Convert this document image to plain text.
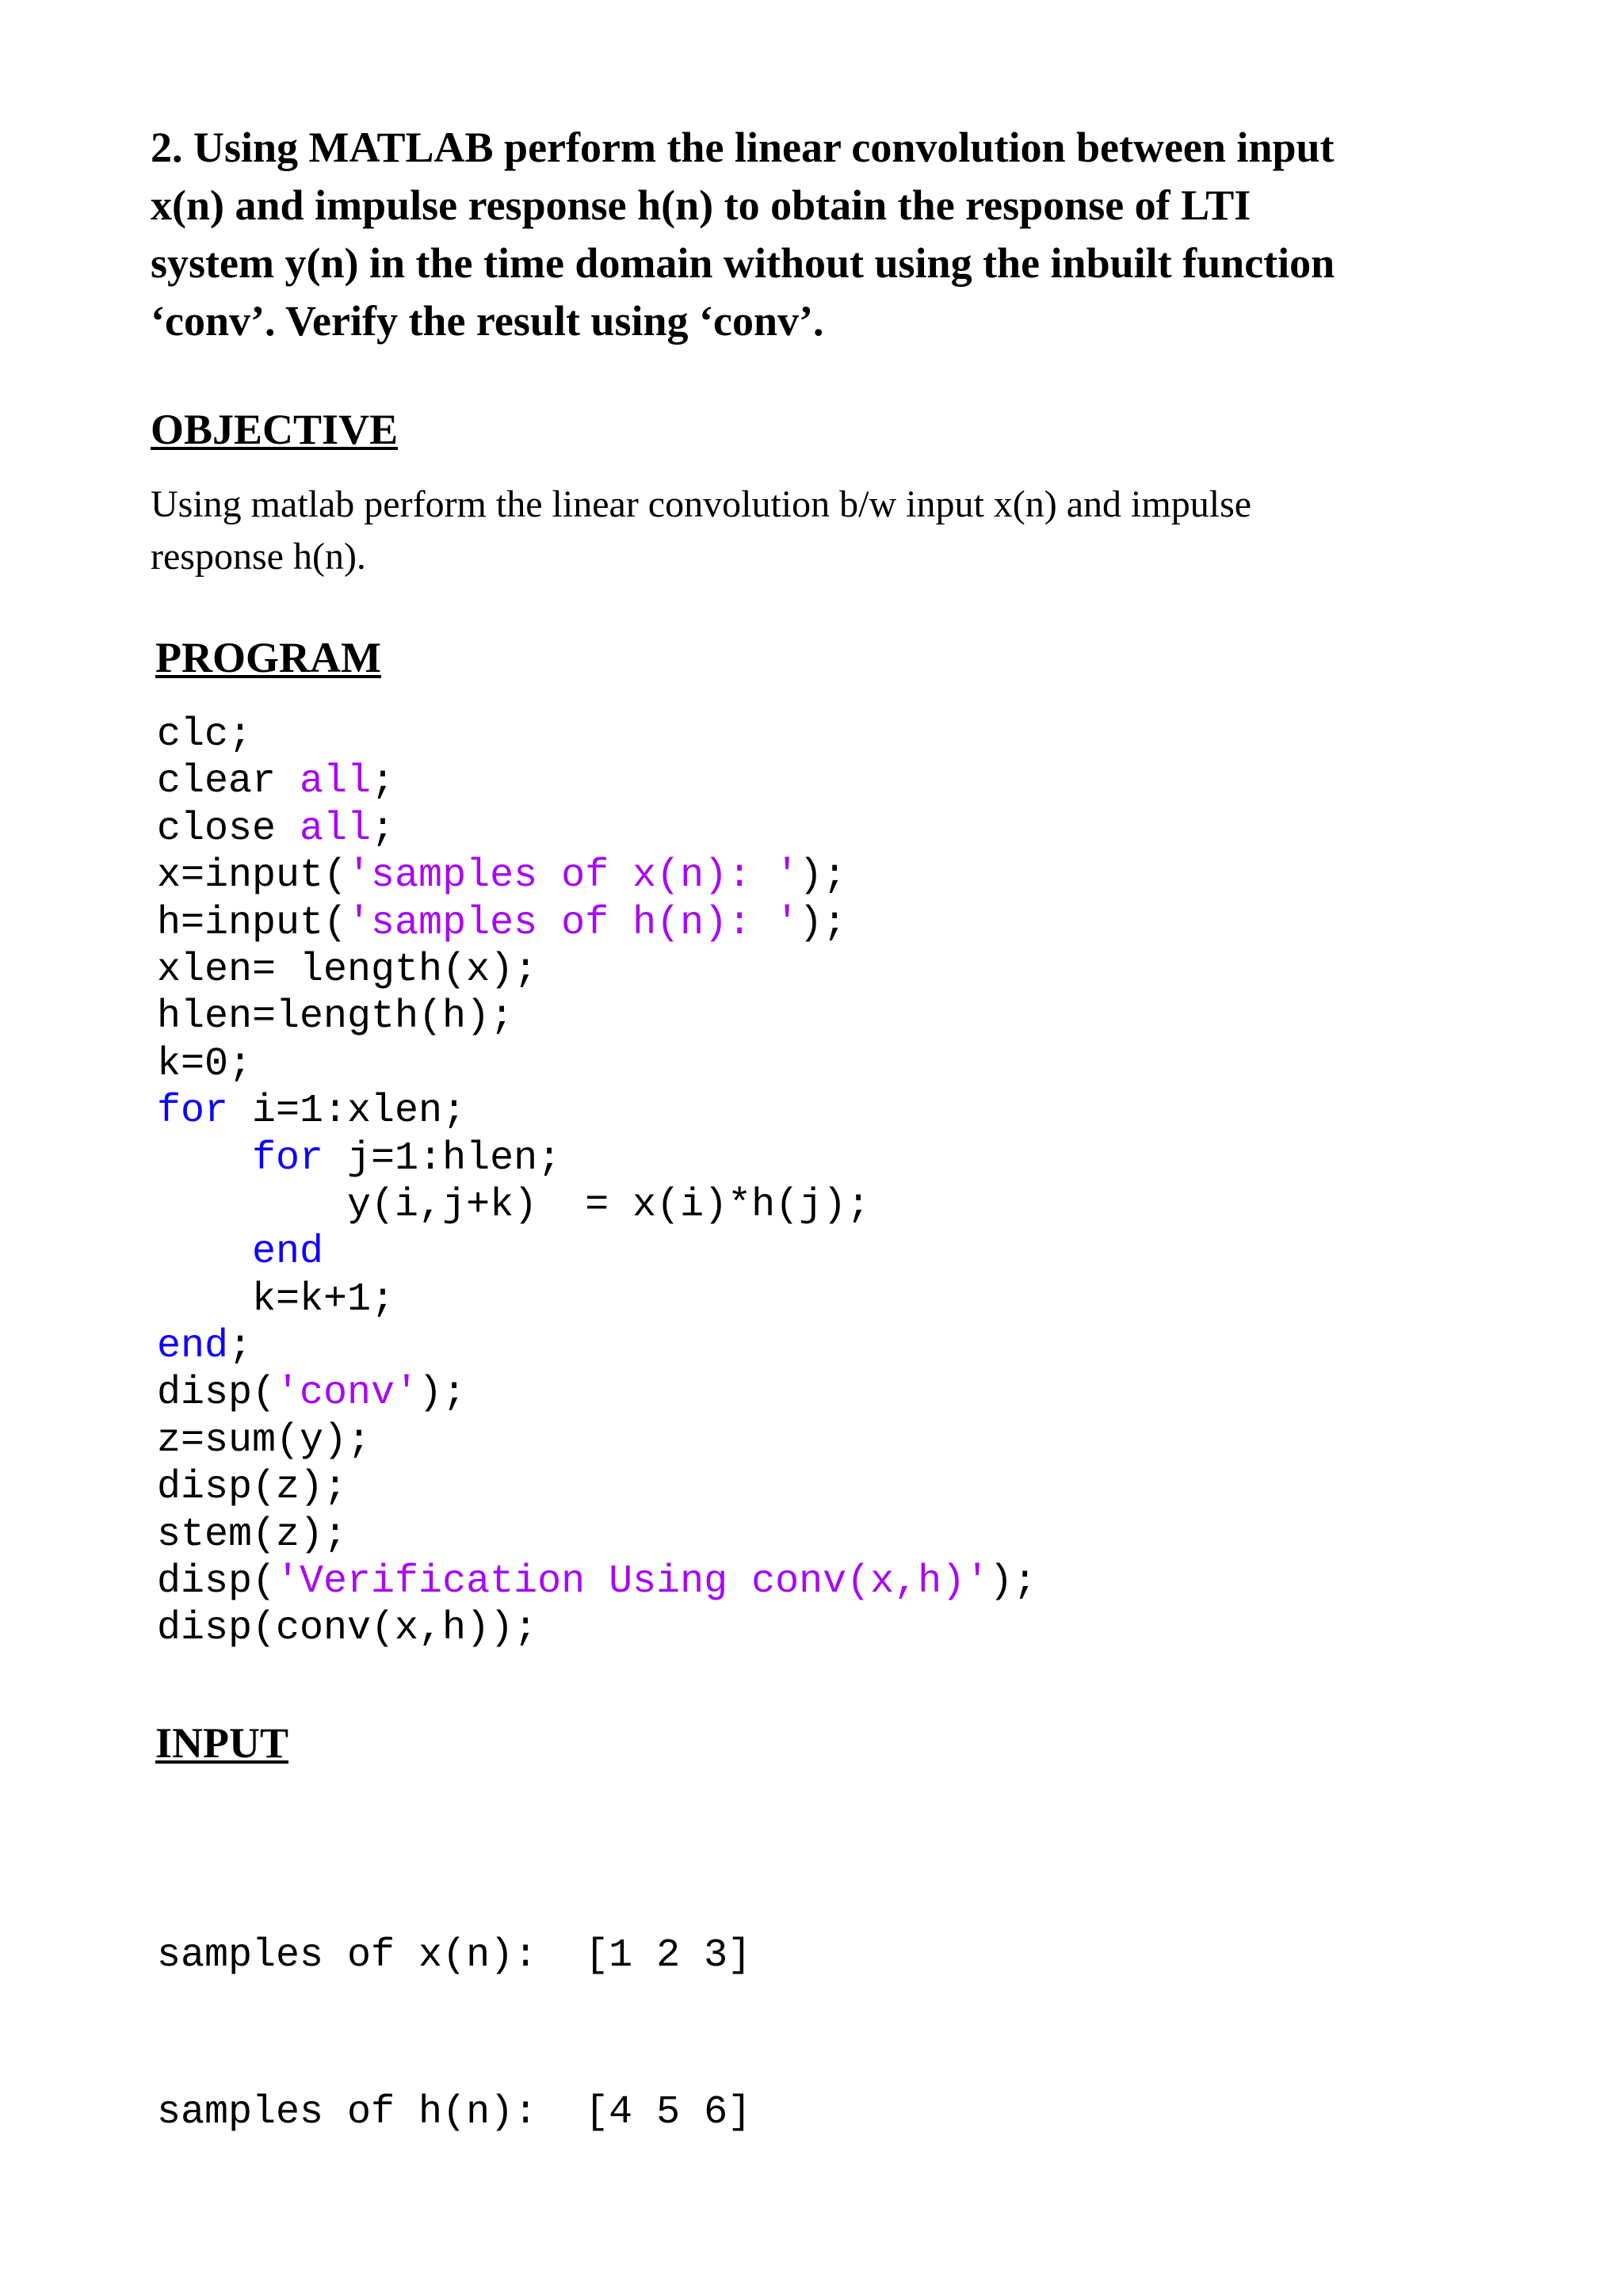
2. Using MATLAB perform the linear convolution between input
x(n) and impulse response h(n) to obtain the response of LTI
system y(n) in the time domain without using the inbuilt function
‘conv’. Verify the result using ‘conv’.
OBJECTIVE
Using matlab perform the linear convolution b/w input x(n) and impulse
response h(n).
PROGRAM
clc;
clear all;
close all;
x=input('samples of x(n): ');
h=input('samples of h(n): ');
xlen= length(x);
hlen=length(h);
k=0;
for i=1:xlen;
for j=1:hlen;
y(i,j+k)  = x(i)*h(j);
end
k=k+1;
end;
disp('conv');
z=sum(y);
disp(z);
stem(z);
disp('Verification Using conv(x,h)');
disp(conv(x,h));
INPUT

samples of x(n):  [1 2 3]

samples of h(n):  [4 5 6]
